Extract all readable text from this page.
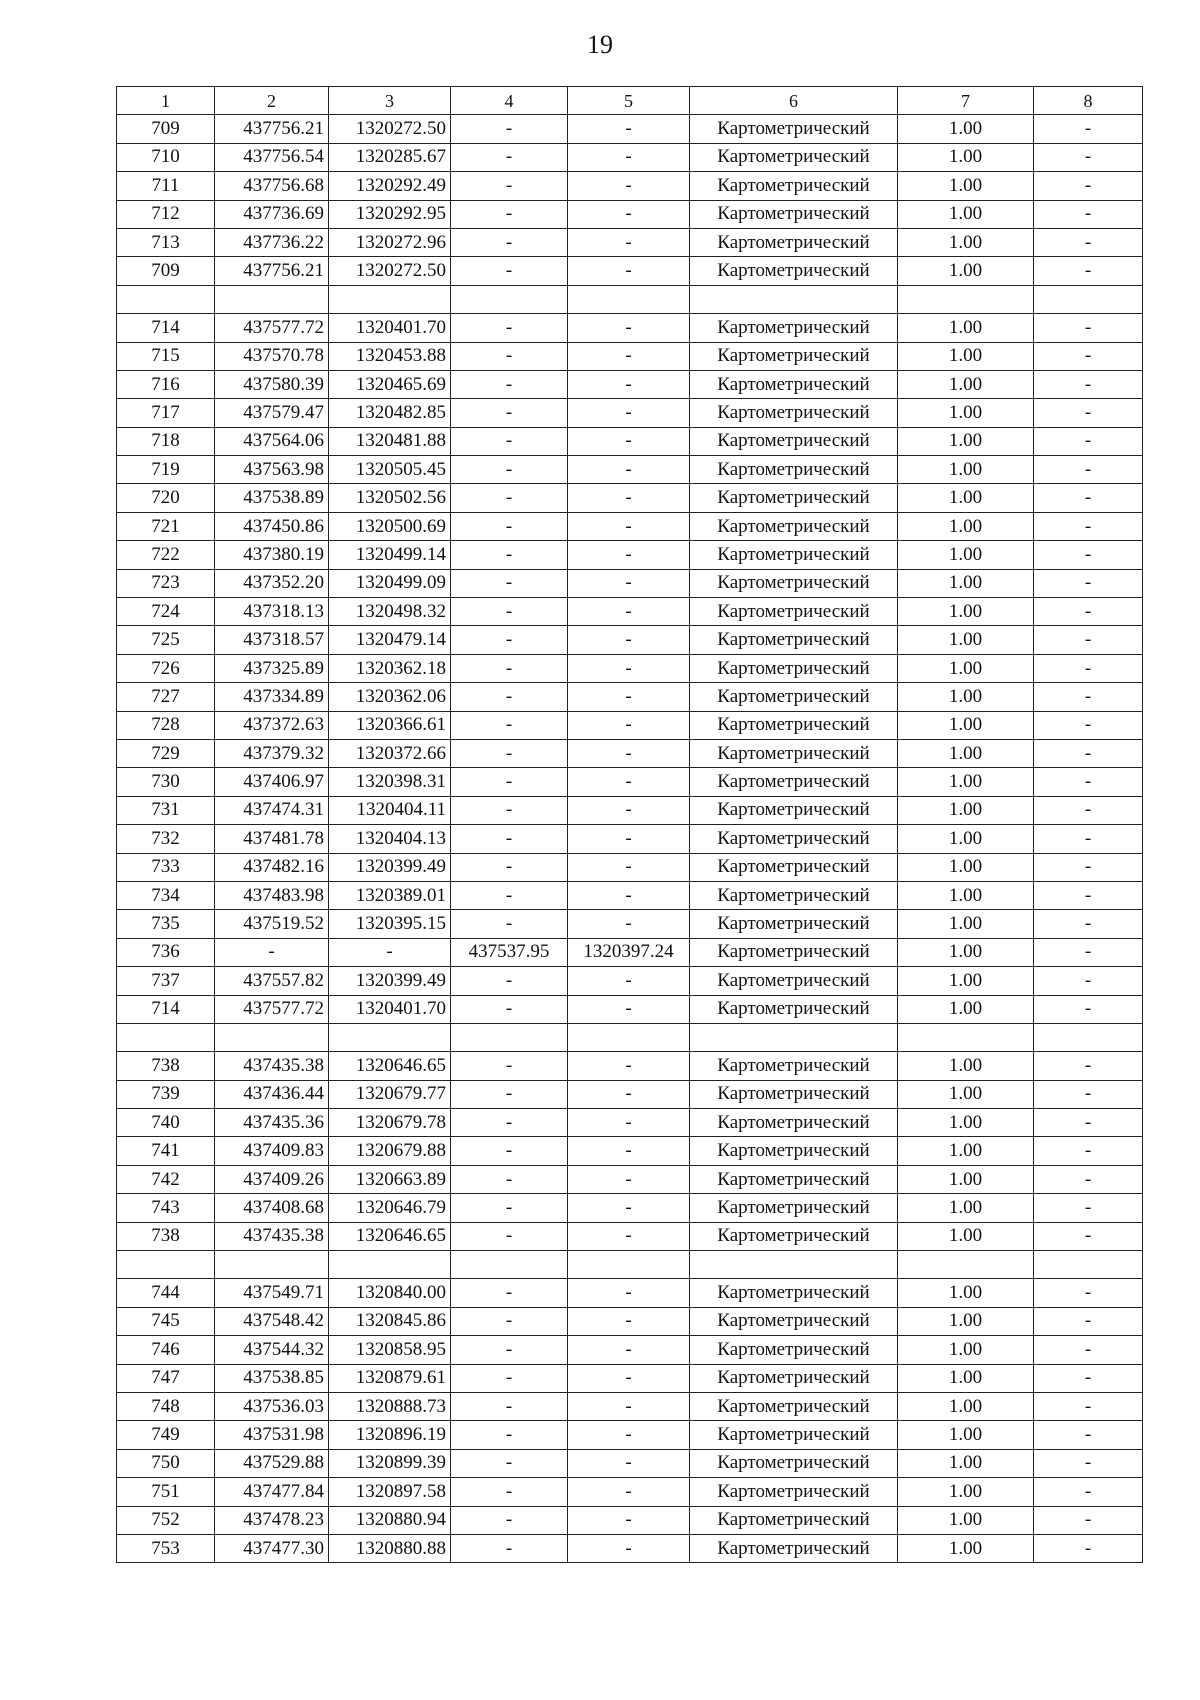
19
1	2	3	4	5	6	7	8
709	437756.21	1320272.50	-	-	Картометрический	1.00	-
710	437756.54	1320285.67	-	-	Картометрический	1.00	-
711	437756.68	1320292.49	-	-	Картометрический	1.00	-
712	437736.69	1320292.95	-	-	Картометрический	1.00	-
713	437736.22	1320272.96	-	-	Картометрический	1.00	-
709	437756.21	1320272.50	-	-	Картометрический	1.00	-

714	437577.72	1320401.70	-	-	Картометрический	1.00	-
715	437570.78	1320453.88	-	-	Картометрический	1.00	-
716	437580.39	1320465.69	-	-	Картометрический	1.00	-
717	437579.47	1320482.85	-	-	Картометрический	1.00	-
718	437564.06	1320481.88	-	-	Картометрический	1.00	-
719	437563.98	1320505.45	-	-	Картометрический	1.00	-
720	437538.89	1320502.56	-	-	Картометрический	1.00	-
721	437450.86	1320500.69	-	-	Картометрический	1.00	-
722	437380.19	1320499.14	-	-	Картометрический	1.00	-
723	437352.20	1320499.09	-	-	Картометрический	1.00	-
724	437318.13	1320498.32	-	-	Картометрический	1.00	-
725	437318.57	1320479.14	-	-	Картометрический	1.00	-
726	437325.89	1320362.18	-	-	Картометрический	1.00	-
727	437334.89	1320362.06	-	-	Картометрический	1.00	-
728	437372.63	1320366.61	-	-	Картометрический	1.00	-
729	437379.32	1320372.66	-	-	Картометрический	1.00	-
730	437406.97	1320398.31	-	-	Картометрический	1.00	-
731	437474.31	1320404.11	-	-	Картометрический	1.00	-
732	437481.78	1320404.13	-	-	Картометрический	1.00	-
733	437482.16	1320399.49	-	-	Картометрический	1.00	-
734	437483.98	1320389.01	-	-	Картометрический	1.00	-
735	437519.52	1320395.15	-	-	Картометрический	1.00	-
736	-	-	437537.95	1320397.24	Картометрический	1.00	-
737	437557.82	1320399.49	-	-	Картометрический	1.00	-
714	437577.72	1320401.70	-	-	Картометрический	1.00	-

738	437435.38	1320646.65	-	-	Картометрический	1.00	-
739	437436.44	1320679.77	-	-	Картометрический	1.00	-
740	437435.36	1320679.78	-	-	Картометрический	1.00	-
741	437409.83	1320679.88	-	-	Картометрический	1.00	-
742	437409.26	1320663.89	-	-	Картометрический	1.00	-
743	437408.68	1320646.79	-	-	Картометрический	1.00	-
738	437435.38	1320646.65	-	-	Картометрический	1.00	-

744	437549.71	1320840.00	-	-	Картометрический	1.00	-
745	437548.42	1320845.86	-	-	Картометрический	1.00	-
746	437544.32	1320858.95	-	-	Картометрический	1.00	-
747	437538.85	1320879.61	-	-	Картометрический	1.00	-
748	437536.03	1320888.73	-	-	Картометрический	1.00	-
749	437531.98	1320896.19	-	-	Картометрический	1.00	-
750	437529.88	1320899.39	-	-	Картометрический	1.00	-
751	437477.84	1320897.58	-	-	Картометрический	1.00	-
752	437478.23	1320880.94	-	-	Картометрический	1.00	-
753	437477.30	1320880.88	-	-	Картометрический	1.00	-
